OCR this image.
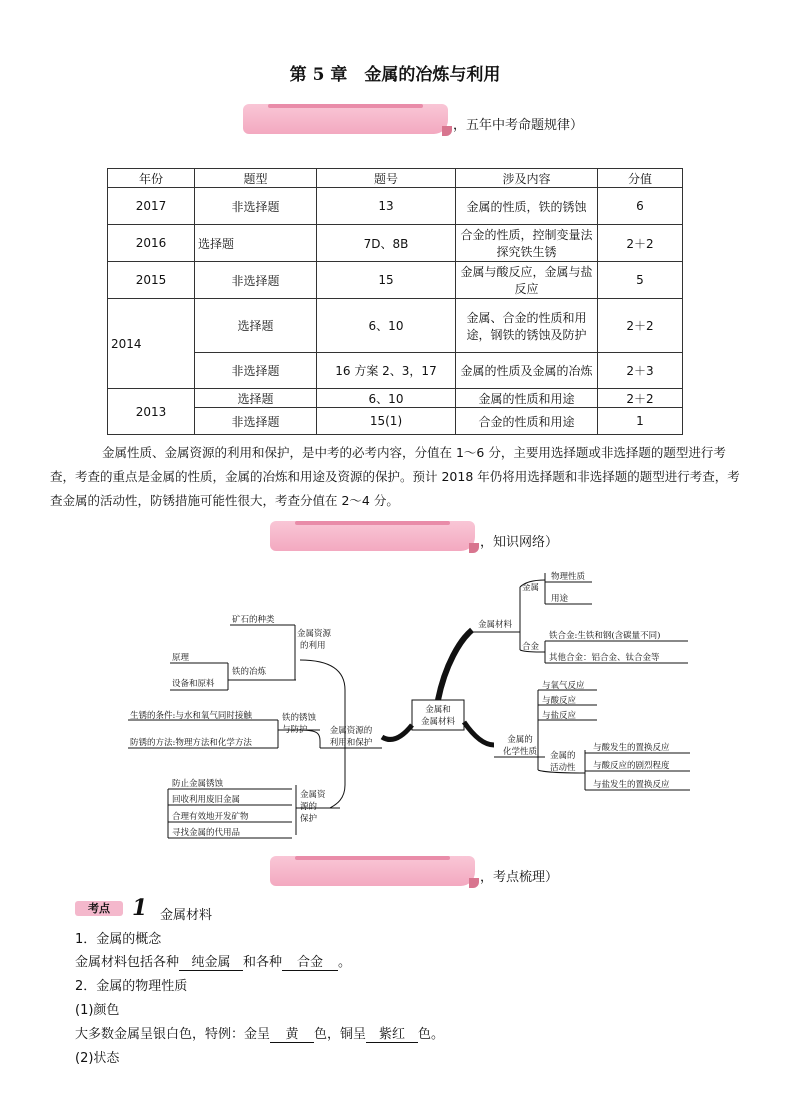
第 5 章　金属的冶炼与利用
，五年中考命题规律）
年份	题型	题号	涉及内容	分值
2017	非选择题	13	金属的性质，铁的锈蚀	6
2016	选择题	7D、8B	合金的性质，控制变量法探究铁生锈	2＋2
2015	非选择题	15	金属与酸反应，金属与盐反应	5
2014	选择题	6、10	金属、合金的性质和用途，钢铁的锈蚀及防护	2＋2
	非选择题	16 方案 2、3，17	金属的性质及金属的冶炼	2＋3
2013	选择题	6、10	金属的性质和用途	2＋2
	非选择题	15(1)	合金的性质和用途	1
金属性质、金属资源的利用和保护，是中考的必考内容，分值在 1～6 分，主要用选择题或非选择题的题型进行考查，考查的重点是金属的性质，金属的冶炼和用途及资源的保护。预计 2018 年仍将用选择题和非选择题的题型进行考查，考查金属的活动性，防锈措施可能性很大，考查分值在 2～4 分。
，知识网络）
金属和
金属材料
金属材料
金属
物理性质
用途
合金
铁合金:生铁和钢(含碳量不同)
其他合金：铝合金、钛合金等
金属的
化学性质
与氧气反应
与酸反应
与盐反应
金属的
活动性
与酸发生的置换反应
与酸反应的剧烈程度
与盐发生的置换反应
金属资源的
利用和保护
金属资源
的利用
矿石的种类
铁的冶炼
原理
设备和原料
铁的锈蚀
与防护
生锈的条件:与水和氧气同时接触
防锈的方法:物理方法和化学方法
金属资
源的
保护
防止金属锈蚀
回收利用废旧金属
合理有效地开发矿物
寻找金属的代用品
，考点梳理）
考点	1 金属材料
1．金属的概念
金属材料包括各种 纯金属 和各种 合金 。
2．金属的物理性质
(1)颜色
大多数金属呈银白色，特例：金呈 黄 色，铜呈 紫红 色。
(2)状态
